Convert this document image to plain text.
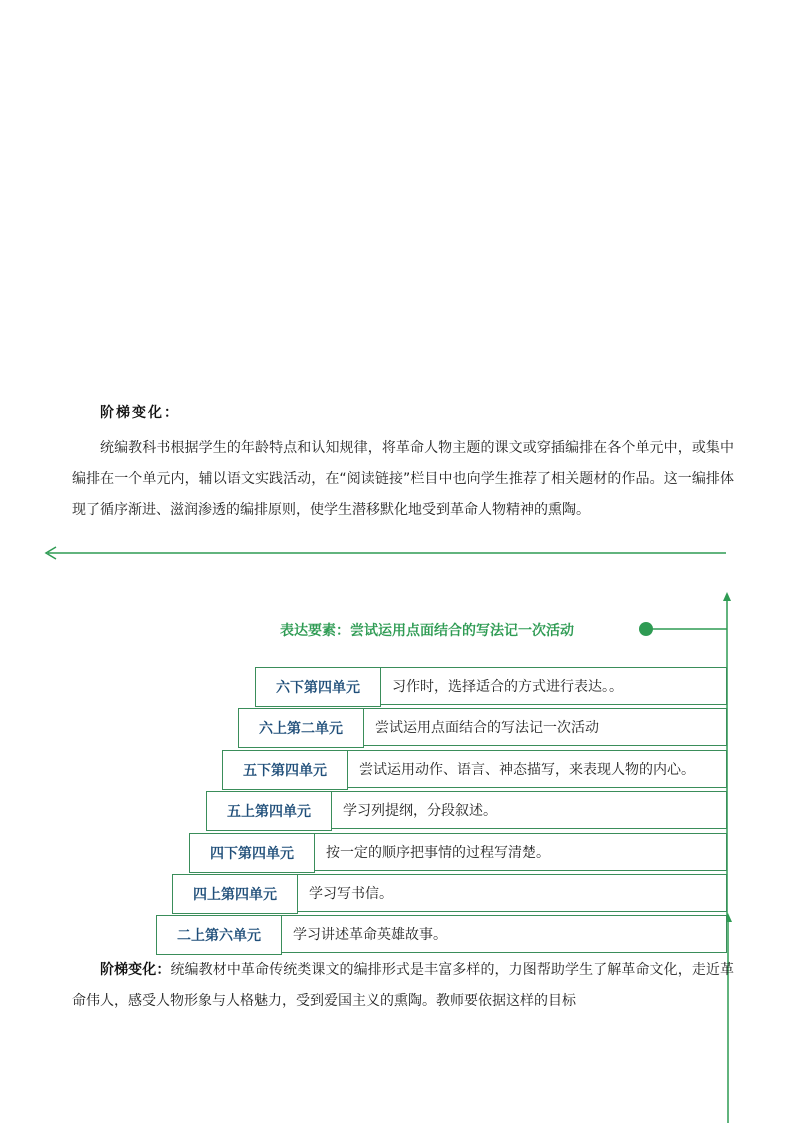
阶梯变化：

统编教科书根据学生的年龄特点和认知规律，将革命人物主题的课文或穿插编排在各个单元中，或集中编排在一个单元内，辅以语文实践活动，在“阅读链接”栏目中也向学生推荐了相关题材的作品。这一编排体现了循序渐进、滋润渗透的编排原则，使学生潜移默化地受到革命人物精神的熏陶。

表达要素：尝试运用点面结合的写法记一次活动
六下第四单元	习作时，选择适合的方式进行表达。。
六上第二单元	尝试运用点面结合的写法记一次活动
五下第四单元	尝试运用动作、语言、神态描写，来表现人物的内心。
五上第四单元	学习列提纲，分段叙述。
四下第四单元	按一定的顺序把事情的过程写清楚。
四上第四单元	学习写书信。
二上第六单元	学习讲述革命英雄故事。

阶梯变化：统编教材中革命传统类课文的编排形式是丰富多样的，力图帮助学生了解革命文化，走近革命伟人，感受人物形象与人格魅力，受到爱国主义的熏陶。教师要依据这样的目标
